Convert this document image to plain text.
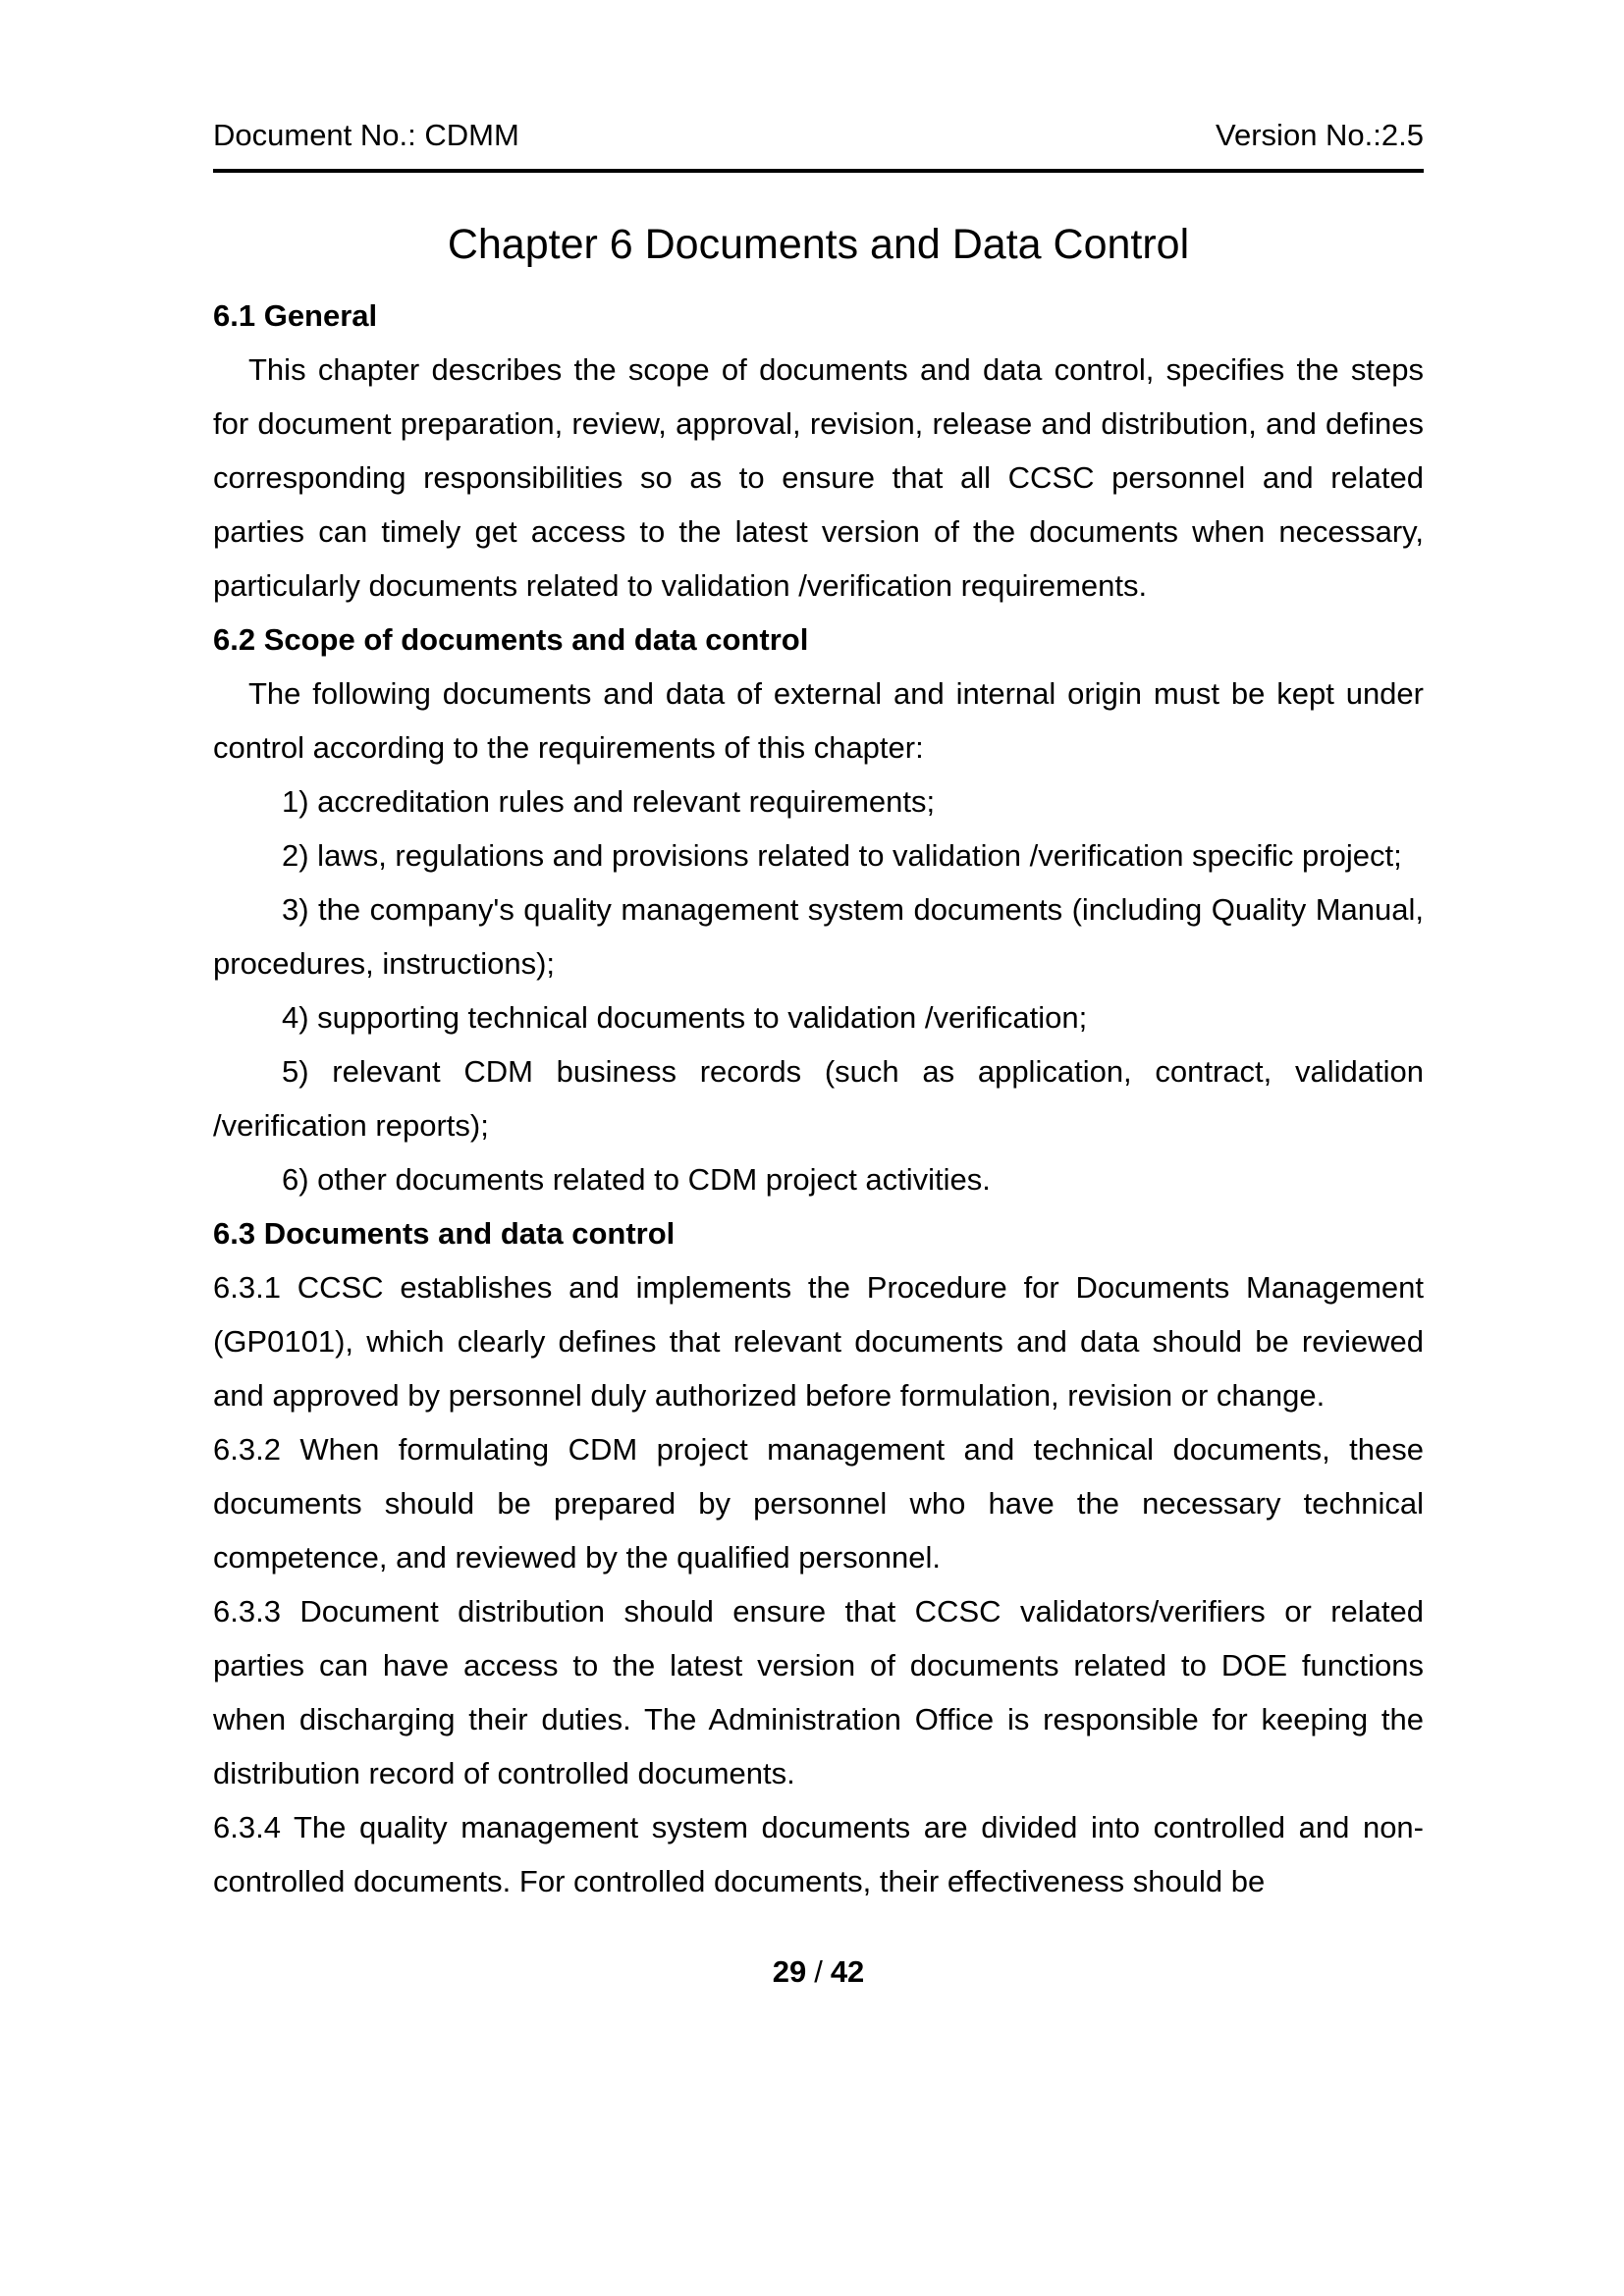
Document No.: CDMM	Version No.:2.5
Chapter 6 Documents and Data Control

6.1 General

This chapter describes the scope of documents and data control, specifies the steps for document preparation, review, approval, revision, release and distribution, and defines corresponding responsibilities so as to ensure that all CCSC personnel and related parties can timely get access to the latest version of the documents when necessary, particularly documents related to validation /verification requirements.

6.2 Scope of documents and data control

The following documents and data of external and internal origin must be kept under control according to the requirements of this chapter:

1) accreditation rules and relevant requirements;

2) laws, regulations and provisions related to validation /verification specific project;

3) the company's quality management system documents (including Quality Manual, procedures, instructions);

4) supporting technical documents to validation /verification;

5) relevant CDM business records (such as application, contract, validation /verification reports);

6) other documents related to CDM project activities.

6.3 Documents and data control

6.3.1 CCSC establishes and implements the Procedure for Documents Management (GP0101), which clearly defines that relevant documents and data should be reviewed and approved by personnel duly authorized before formulation, revision or change.

6.3.2 When formulating CDM project management and technical documents, these documents should be prepared by personnel who have the necessary technical competence, and reviewed by the qualified personnel.

6.3.3 Document distribution should ensure that CCSC validators/verifiers or related parties can have access to the latest version of documents related to DOE functions when discharging their duties. The Administration Office is responsible for keeping the distribution record of controlled documents.

6.3.4 The quality management system documents are divided into controlled and non-controlled documents. For controlled documents, their effectiveness should be

29 / 42
